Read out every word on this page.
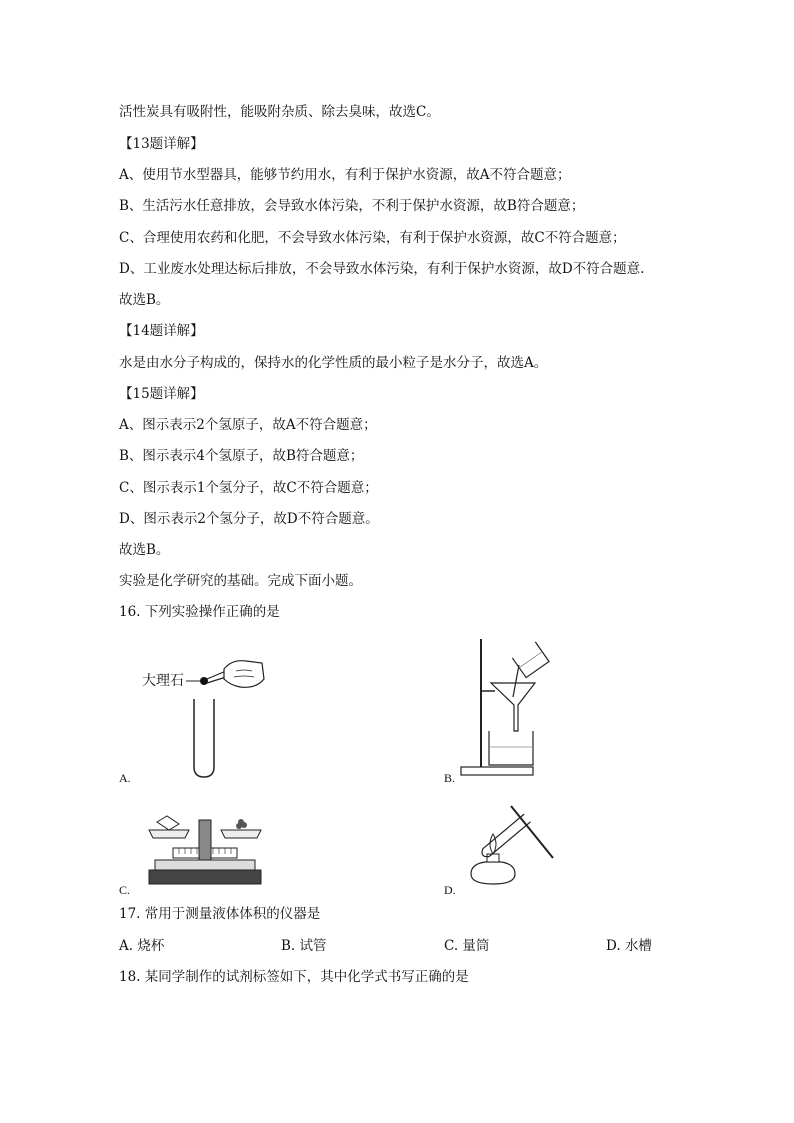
活性炭具有吸附性，能吸附杂质、除去臭味，故选C。
【13题详解】
A、使用节水型器具，能够节约用水，有利于保护水资源，故A不符合题意；
B、生活污水任意排放，会导致水体污染，不利于保护水资源，故B符合题意；
C、合理使用农药和化肥，不会导致水体污染，有利于保护水资源，故C不符合题意；
D、工业废水处理达标后排放，不会导致水体污染，有利于保护水资源，故D不符合题意.
故选B。
【14题详解】
水是由水分子构成的，保持水的化学性质的最小粒子是水分子，故选A。
【15题详解】
A、图示表示2个氢原子，故A不符合题意；
B、图示表示4个氢原子，故B符合题意；
C、图示表示1个氢分子，故C不符合题意；
D、图示表示2个氢分子，故D不符合题意。
故选B。
实验是化学研究的基础。完成下面小题。
16. 下列实验操作正确的是
A.
大理石
B.
C.	D.
17. 常用于测量液体体积的仪器是
A. 烧杯	B. 试管	C. 量筒	D. 水槽
18. 某同学制作的试剂标签如下，其中化学式书写正确的是
